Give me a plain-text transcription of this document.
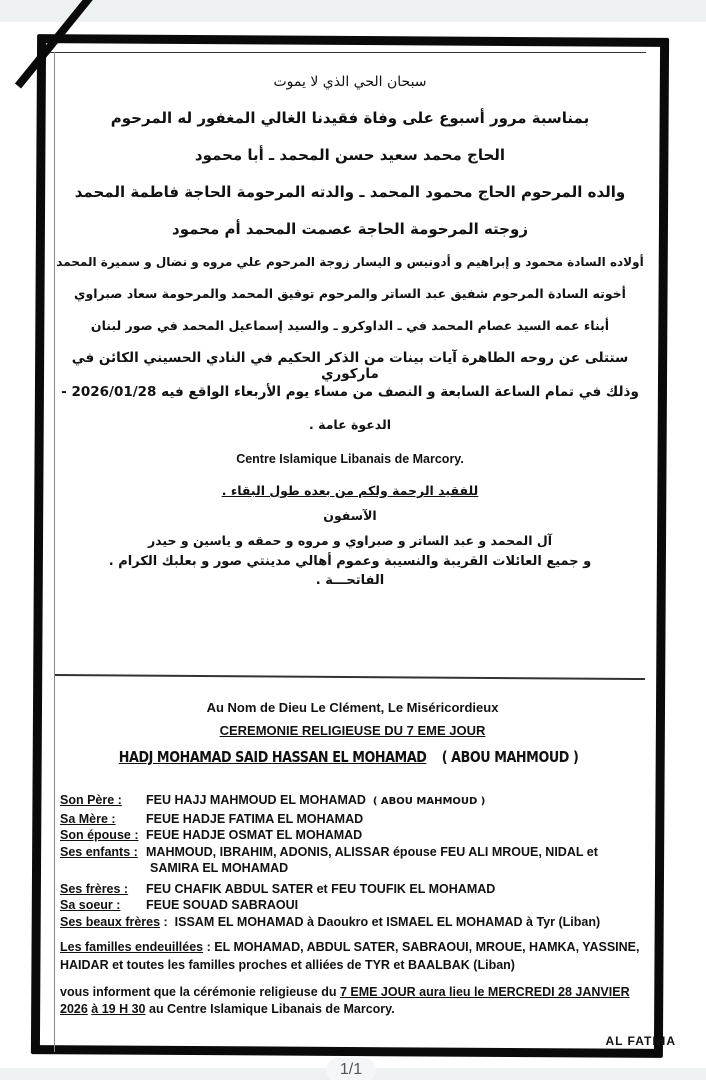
سبحان الحي الذي لا يموت
بمناسبة مرور أسبوع على وفاة فقيدنا الغالي المغفور له المرحوم
الحاج محمد سعيد حسن المحمد ـ أبا محمود
والده المرحوم الحاج محمود المحمد ـ والدته المرحومة الحاجة فاطمة المحمد
زوجته المرحومة الحاجة عصمت المحمد أم محمود
أولاده السادة محمود و إبراهيم و أدونيس و اليسار زوجة المرحوم علي مروه و نضال و سميرة المحمد
أخوته السادة المرحوم شفيق عبد الساتر والمرحوم توفيق المحمد والمرحومة سعاد صبراوي
أبناء عمه السيد عصام المحمد في ـ الداوكرو ـ والسيد إسماعيل المحمد في صور لبنان
ستتلى عن روحه الطاهرة آيات بينات من الذكر الحكيم في النادي الحسيني الكائن في ماركوري
وذلك في تمام الساعة السابعة و النصف من مساء يوم الأربعاء الواقع فيه 2026/01/28 -
الدعوة عامة .
Centre Islamique Libanais de Marcory.
للفقيد الرحمة ولكم من بعده طول البقاء .
الآسفون
آل المحمد و عبد الساتر و صبراوي و مروه و حمقه و ياسين و حيدر
و جميع العائلات القريبة والنسيبة وعموم أهالي مدينتي صور و بعلبك الكرام .
الفاتحـــة .
Au Nom de Dieu Le Clément, Le Miséricordieux
CEREMONIE RELIGIEUSE DU 7 EME JOUR
HADJ MOHAMAD SAID HASSAN EL MOHAMAD ( ABOU MAHMOUD )
Son Père :	FEU HAJJ MAHMOUD EL MOHAMAD ( ABOU MAHMOUD )
Sa Mère :	FEUE HADJE FATIMA EL MOHAMAD
Son épouse : FEUE HADJE OSMAT EL MOHAMAD
Ses enfants : MAHMOUD, IBRAHIM, ADONIS, ALISSAR épouse FEU ALI MROUE, NIDAL et
SAMIRA EL MOHAMAD
Ses frères :	FEU CHAFIK ABDUL SATER et FEU TOUFIK EL MOHAMAD
Sa soeur :	FEUE SOUAD SABRAOUI
Ses beaux frères :  ISSAM EL MOHAMAD à Daoukro et ISMAEL EL MOHAMAD à Tyr (Liban)
Les familles endeuillées : EL MOHAMAD, ABDUL SATER, SABRAOUI, MROUE, HAMKA, YASSINE, HAIDAR et toutes les familles proches et alliées de TYR et BAALBAK (Liban)
vous informent que la cérémonie religieuse du 7 EME JOUR aura lieu le MERCREDI 28 JANVIER 2026 à 19 H 30 au Centre Islamique Libanais de Marcory.
AL FATIHA
1/1
